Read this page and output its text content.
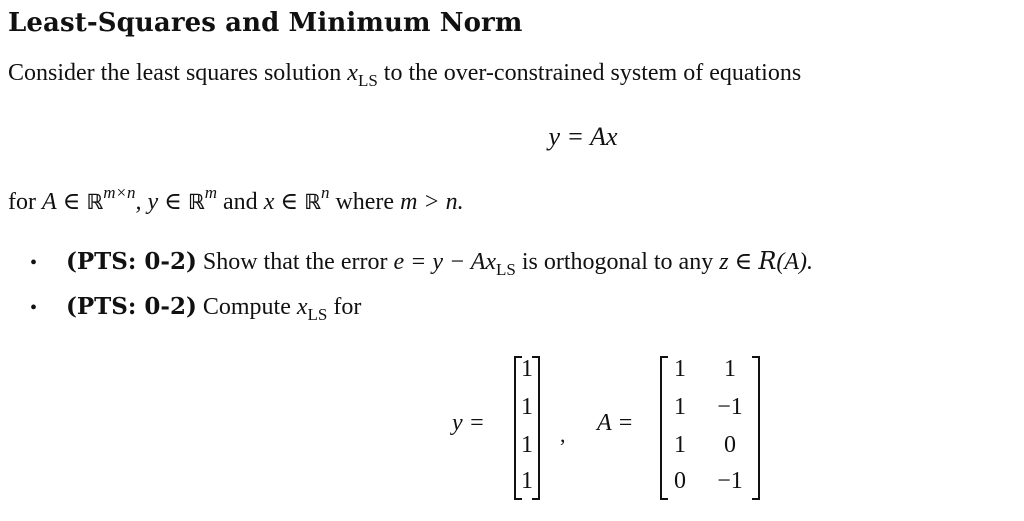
Least-Squares and Minimum Norm
Consider the least squares solution $x_{LS}$ to the over-constrained system of equations
y = Ax
for A ∈ ℝ$^{m\times n}$, y ∈ ℝ$^m$ and x ∈ ℝ$^n$ where m > n.
• (PTS: 0-2) Show that the error $e = y - Ax_{LS}$ is orthogonal to any z ∈ R(A).
• (PTS: 0-2) Compute $x_{LS}$ for
y =
1
1
1
1
, A =
1	1
1	−1
1	0
0	−1
